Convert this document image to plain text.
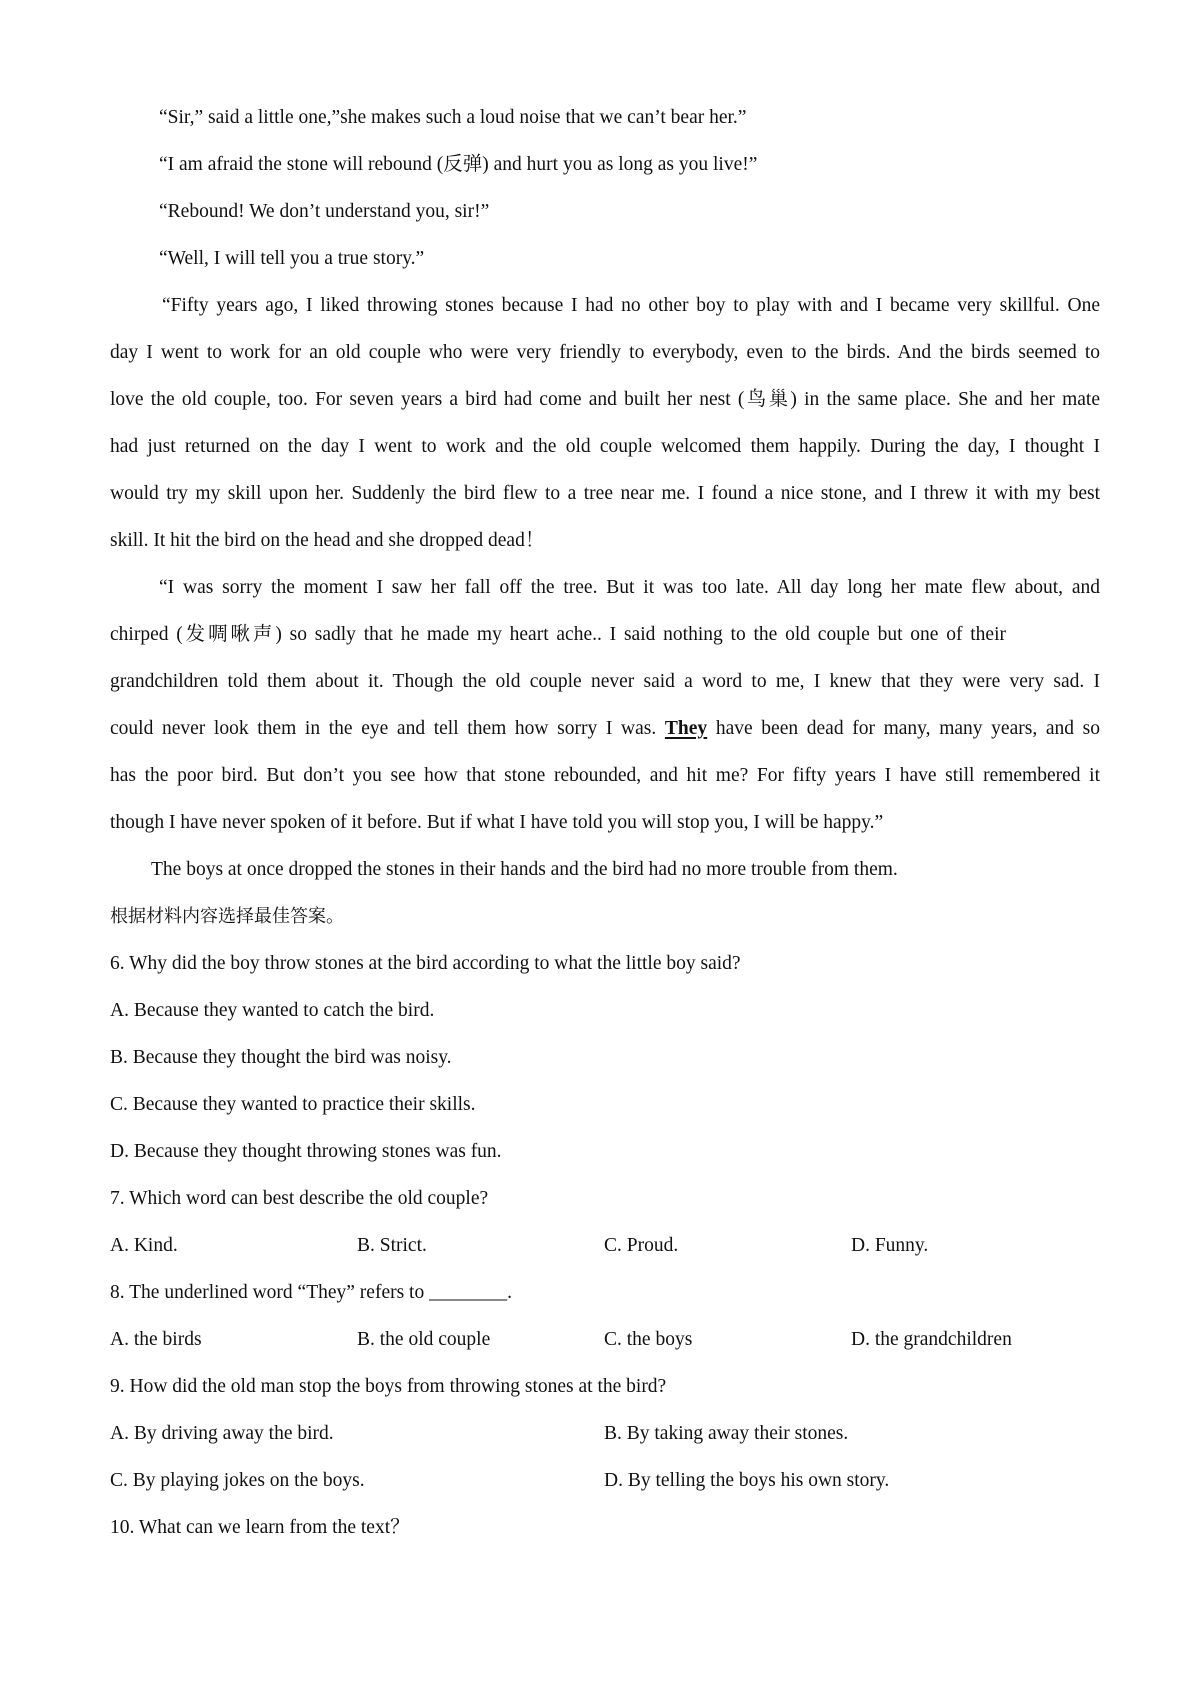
“Sir,” said a little one,”she makes such a loud noise that we can’t bear her.”
“I am afraid the stone will rebound (反弹) and hurt you as long as you live!”
“Rebound! We don’t understand you, sir!”
“Well, I will tell you a true story.”
“Fifty years ago, I liked throwing stones because I had no other boy to play with and I became very skillful. One
day I went to work for an old couple who were very friendly to everybody, even to the birds. And the birds seemed to
love the old couple, too. For seven years a bird had come and built her nest (鸟巢) in the same place. She and her mate
had just returned on the day I went to work and the old couple welcomed them happily. During the day, I thought I
would try my skill upon her. Suddenly the bird flew to a tree near me. I found a nice stone, and I threw it with my best
skill. It hit the bird on the head and she dropped dead！
“I was sorry the moment I saw her fall off the tree. But it was too late. All day long her mate flew about, and
chirped (发啁啾声) so sadly that he made my heart ache.. I said nothing to the old couple but one of their
grandchildren told them about it. Though the old couple never said a word to me, I knew that they were very sad. I
could never look them in the eye and tell them how sorry I was. They have been dead for many, many years, and so
has the poor bird. But don’t you see how that stone rebounded, and hit me? For fifty years I have still remembered it
though I have never spoken of it before. But if what I have told you will stop you, I will be happy.”
The boys at once dropped the stones in their hands and the bird had no more trouble from them.
根据材料内容选择最佳答案。
6. Why did the boy throw stones at the bird according to what the little boy said?
A. Because they wanted to catch the bird.
B. Because they thought the bird was noisy.
C. Because they wanted to practice their skills.
D. Because they thought throwing stones was fun.
7. Which word can best describe the old couple?
A. Kind.	B. Strict.	C. Proud.	D. Funny.
8. The underlined word “They” refers to ________.
A. the birds	B. the old couple	C. the boys	D. the grandchildren
9. How did the old man stop the boys from throwing stones at the bird?
A. By driving away the bird.	B. By taking away their stones.
C. By playing jokes on the boys.	D. By telling the boys his own story.
10. What can we learn from the text？
